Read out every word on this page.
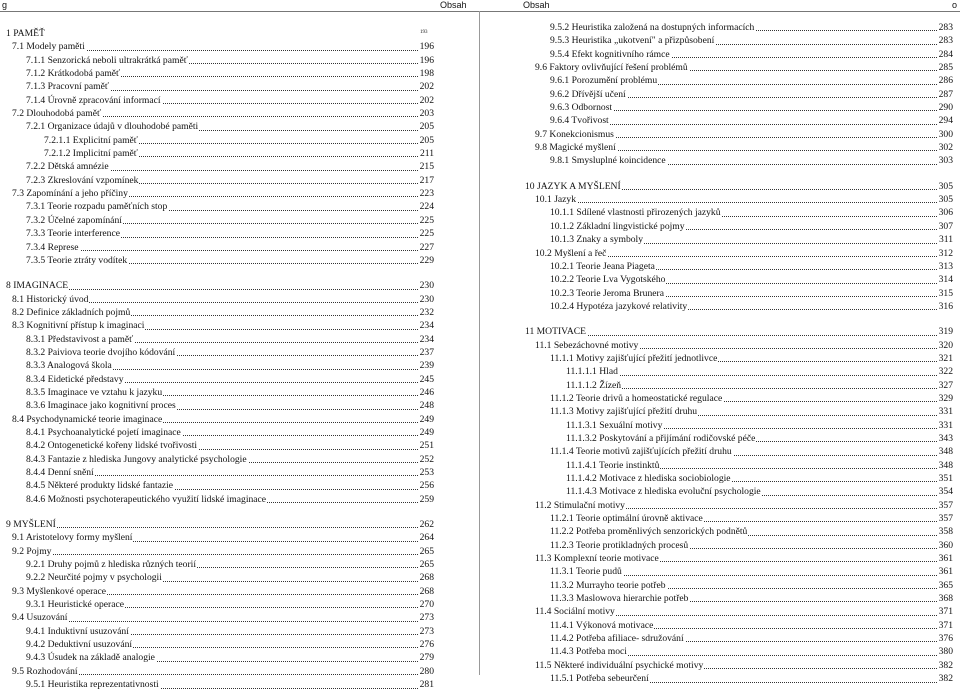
g	Obsah	Obsah	o
193
1 PAMĚŤ
7.1 Modely paměti	196
7.1.1 Senzorická neboli ultrakrátká paměť	196
7.1.2 Krátkodobá paměť	198
7.1.3 Pracovní paměť	202
7.1.4 Úrovně zpracování informací	202
7.2 Dlouhodobá paměť	203
7.2.1 Organizace údajů v dlouhodobé paměti	205
7.2.1.1 Explicitní paměť	205
7.2.1.2 Implicitní paměť	211
7.2.2 Dětská amnézie	215
7.2.3 Zkreslování vzpomínek	217
7.3 Zapomínání a jeho příčiny	223
7.3.1 Teorie rozpadu paměťních stop	224
7.3.2 Účelné zapomínání	225
7.3.3 Teorie interference	225
7.3.4 Represe	227
7.3.5 Teorie ztráty vodítek	229
8 IMAGINACE	230
8.1 Historický úvod	230
8.2 Definice základních pojmů	232
8.3 Kognitivní přístup k imaginaci	234
8.3.1 Představivost a paměť	234
8.3.2 Paiviova teorie dvojího kódování	237
8.3.3 Analogová škola	239
8.3.4 Eidetické představy	245
8.3.5 Imaginace ve vztahu k jazyku	246
8.3.6 Imaginace jako kognitivní proces	248
8.4 Psychodynamické teorie imaginace	249
8.4.1 Psychoanalytické pojetí imaginace	249
8.4.2 Ontogenetické kořeny lidské tvořivosti	251
8.4.3 Fantazie z hlediska Jungovy analytické psychologie	252
8.4.4 Denní snění	253
8.4.5 Některé produkty lidské fantazie	256
8.4.6 Možnosti psychoterapeutického využití lidské imaginace	259
9 MYŠLENÍ	262
9.1 Aristotelovy formy myšlení	264
9.2 Pojmy	265
9.2.1 Druhy pojmů z hlediska různých teorií	265
9.2.2 Neurčité pojmy v psychologii	268
9.3 Myšlenkové operace	268
9.3.1 Heuristické operace	270
9.4 Usuzování	273
9.4.1 Induktivní usuzování	273
9.4.2 Deduktivní usuzování	276
9.4.3 Úsudek na základě analogie	279
9.5 Rozhodování	280
9.5.1 Heuristika reprezentativnosti	281
9.5.2 Heuristika založená na dostupných informacích	283
9.5.3 Heuristika „ukotvení" a přizpůsobení	283
9.5.4 Efekt kognitivního rámce	284
9.6 Faktory ovlivňující řešení problémů	285
9.6.1 Porozumění problému	286
9.6.2 Dřívější učení	287
9.6.3 Odbornost	290
9.6.4 Tvořivost	294
9.7 Konekcionismus	300
9.8 Magické myšlení	302
9.8.1 Smysluplné koincidence	303
10 JAZYK A MYŠLENÍ	305
10.1 Jazyk	305
10.1.1 Sdílené vlastnosti přirozených jazyků	306
10.1.2 Základní lingvistické pojmy	307
10.1.3 Znaky a symboly	311
10.2 Myšlení a řeč	312
10.2.1 Teorie Jeana Piageta	313
10.2.2 Teorie Lva Vygotského	314
10.2.3 Teorie Jeroma Brunera	315
10.2.4 Hypotéza jazykové relativity	316
11 MOTIVACE	319
11.1 Sebezáchovné motivy	320
11.1.1 Motivy zajišťující přežití jednotlivce	321
11.1.1.1 Hlad	322
11.1.1.2 Žízeň	327
11.1.2 Teorie drivů a homeostatické regulace	329
11.1.3 Motivy zajišťující přežití druhu	331
11.1.3.1 Sexuální motivy	331
11.1.3.2 Poskytování a přijímání rodičovské péče	343
11.1.4 Teorie motivů zajišťujících přežití druhu	348
11.1.4.1 Teorie instinktů	348
11.1.4.2 Motivace z hlediska sociobiologie	351
11.1.4.3 Motivace z hlediska evoluční psychologie	354
11.2 Stimulační motivy	357
11.2.1 Teorie optimální úrovně aktivace	357
11.2.2 Potřeba proměnlivých senzorických podnětů	358
11.2.3 Teorie protikladných procesů	360
11.3 Komplexní teorie motivace	361
11.3.1 Teorie pudů	361
11.3.2 Murrayho teorie potřeb	365
11.3.3 Maslowova hierarchie potřeb	368
11.4 Sociální motivy	371
11.4.1 Výkonová motivace	371
11.4.2 Potřeba afiliace- sdružování	376
11.4.3 Potřeba moci	380
11.5 Některé individuální psychické motivy	382
11.5.1 Potřeba sebeurčení	382
